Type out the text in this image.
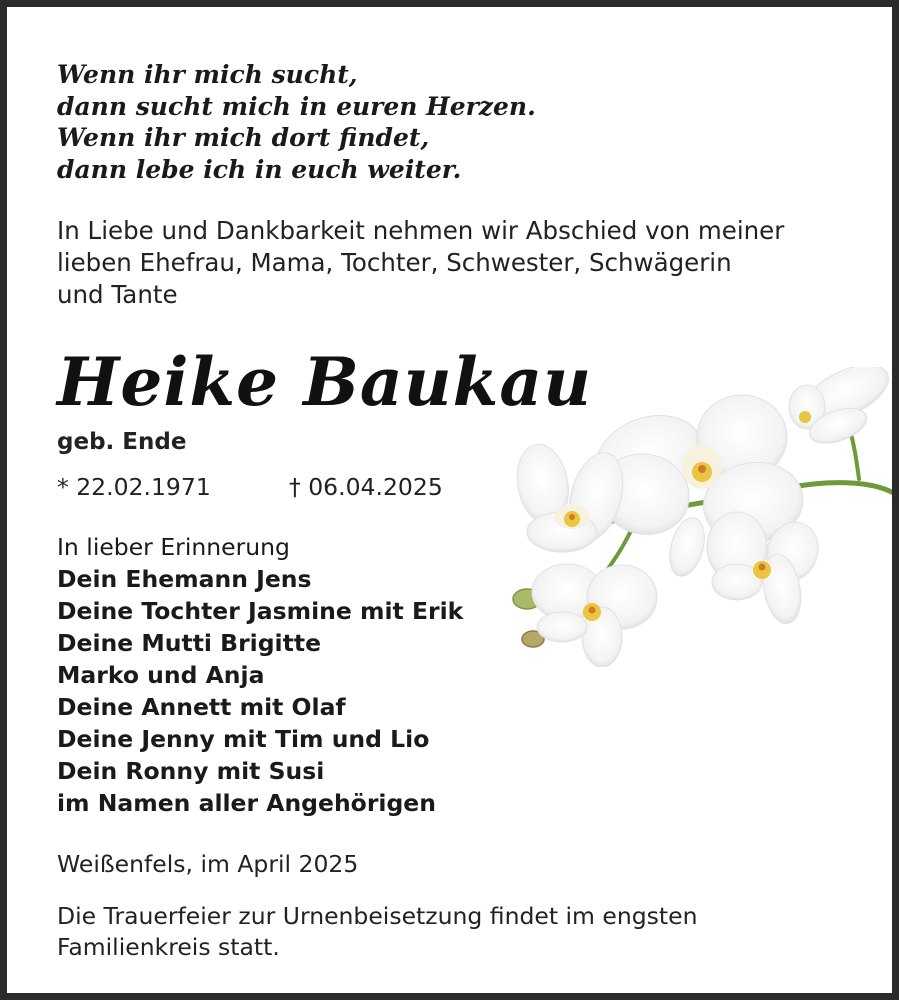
Wenn ihr mich sucht,
dann sucht mich in euren Herzen.
Wenn ihr mich dort findet,
dann lebe ich in euch weiter.
In Liebe und Dankbarkeit nehmen wir Abschied von meiner
lieben Ehefrau, Mama, Tochter, Schwester, Schwägerin
und Tante
Heike Baukau
geb. Ende
* 22.02.1971	† 06.04.2025
In lieber Erinnerung
Dein Ehemann Jens
Deine Tochter Jasmine mit Erik
Deine Mutti Brigitte
Marko und Anja
Deine Annett mit Olaf
Deine Jenny mit Tim und Lio
Dein Ronny mit Susi
im Namen aller Angehörigen
Weißenfels, im April 2025
Die Trauerfeier zur Urnenbeisetzung findet im engsten
Familienkreis statt.
